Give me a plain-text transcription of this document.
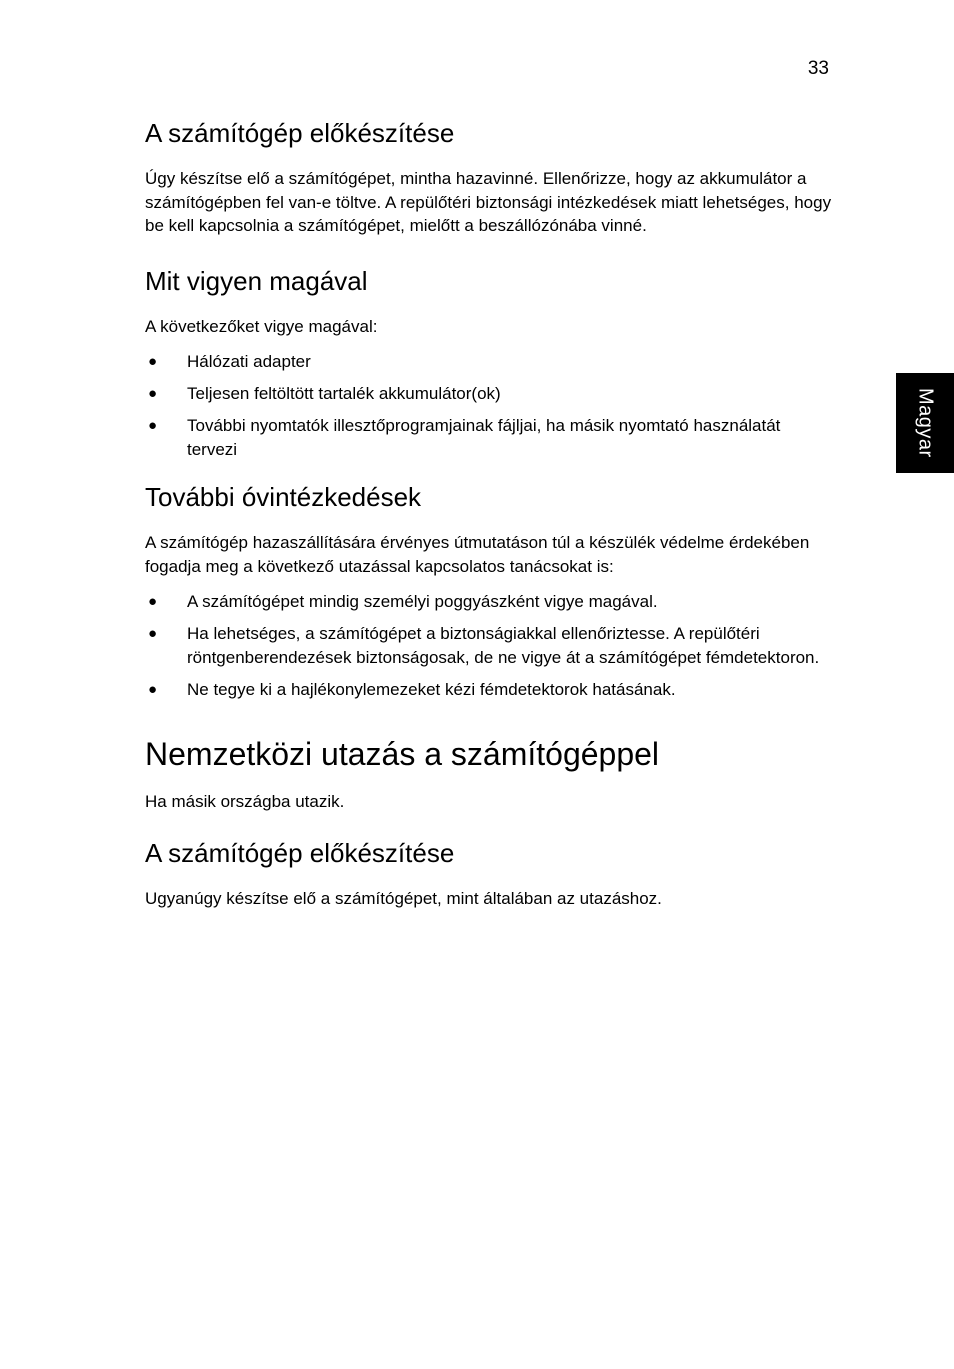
33
Magyar
A számítógép előkészítése

Úgy készítse elő a számítógépet, mintha hazavinné. Ellenőrizze, hogy az akkumulátor a számítógépben fel van-e töltve. A repülőtéri biztonsági intézkedések miatt lehetséges, hogy be kell kapcsolnia a számítógépet, mielőtt a beszállózónába vinné.

Mit vigyen magával

A következőket vigye magával:

● Hálózati adapter
● Teljesen feltöltött tartalék akkumulátor(ok)
● További nyomtatók illesztőprogramjainak fájljai, ha másik nyomtató használatát tervezi
További óvintézkedések

A számítógép hazaszállítására érvényes útmutatáson túl a készülék védelme érdekében fogadja meg a következő utazással kapcsolatos tanácsokat is:

● A számítógépet mindig személyi poggyászként vigye magával.
● Ha lehetséges, a számítógépet a biztonságiakkal ellenőriztesse. A repülőtéri röntgenberendezések biztonságosak, de ne vigye át a számítógépet fémdetektoron.
● Ne tegye ki a hajlékonylemezeket kézi fémdetektorok hatásának.
Nemzetközi utazás a számítógéppel

Ha másik országba utazik.

A számítógép előkészítése

Ugyanúgy készítse elő a számítógépet, mint általában az utazáshoz.
